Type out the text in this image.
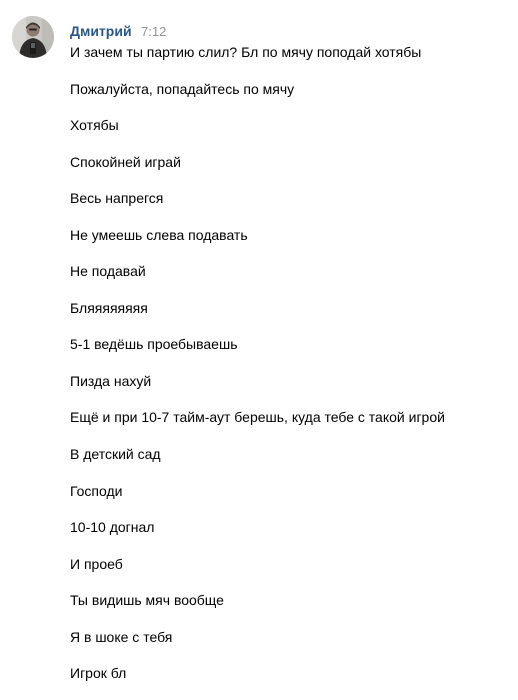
Дмитрий 7:12
И зачем ты партию слил? Бл по мячу поподай хотябы
Пожалуйста, попадайтесь по мячу
Хотябы
Спокойней играй
Весь напрегся
Не умеешь слева подавать
Не подавай
Бляяяяяяяя
5-1 ведёшь проебываешь
Пизда нахуй
Ещё и при 10-7 тайм-аут берешь, куда тебе с такой игрой
В детский сад
Господи
10-10 догнал
И проеб
Ты видишь мяч вообще
Я в шоке с тебя
Игрок бл
